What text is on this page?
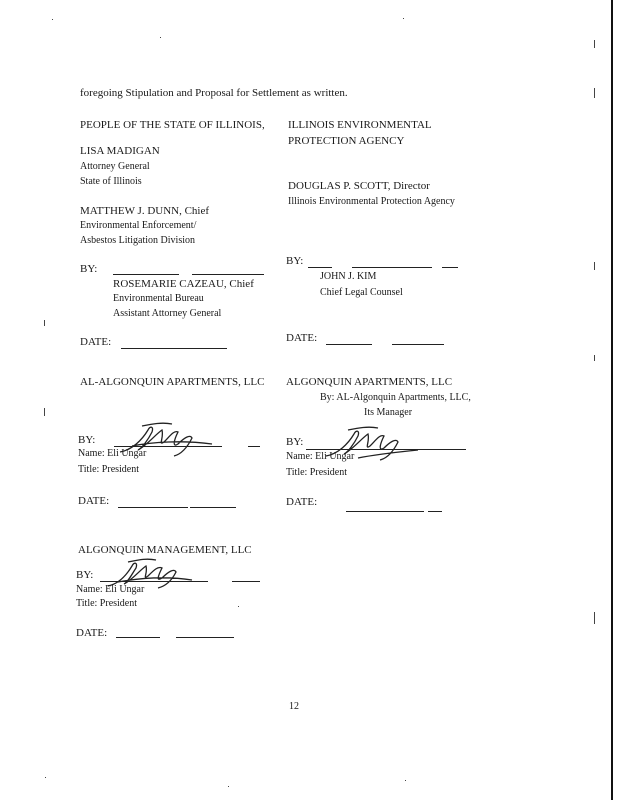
foregoing Stipulation and Proposal for Settlement as written.
PEOPLE OF THE STATE OF ILLINOIS,
LISA MADIGAN
Attorney General
State of Illinois
MATTHEW J. DUNN, Chief
Environmental Enforcement/
Asbestos Litigation Division
BY:
ROSEMARIE CAZEAU, Chief
Environmental Bureau
Assistant Attorney General
DATE:
ILLINOIS ENVIRONMENTAL
PROTECTION AGENCY
DOUGLAS P. SCOTT, Director
Illinois Environmental Protection Agency
BY:
JOHN J. KIM
Chief Legal Counsel
DATE:
AL-ALGONQUIN APARTMENTS, LLC
BY:
Name: Eli Ungar
Title: President
DATE:
ALGONQUIN APARTMENTS, LLC
By: AL-Algonquin Apartments, LLC,
Its Manager
BY:
Name: Eli Ungar
Title: President
DATE:
ALGONQUIN MANAGEMENT, LLC
BY:
Name: Eli Ungar
Title: President
DATE:
12
